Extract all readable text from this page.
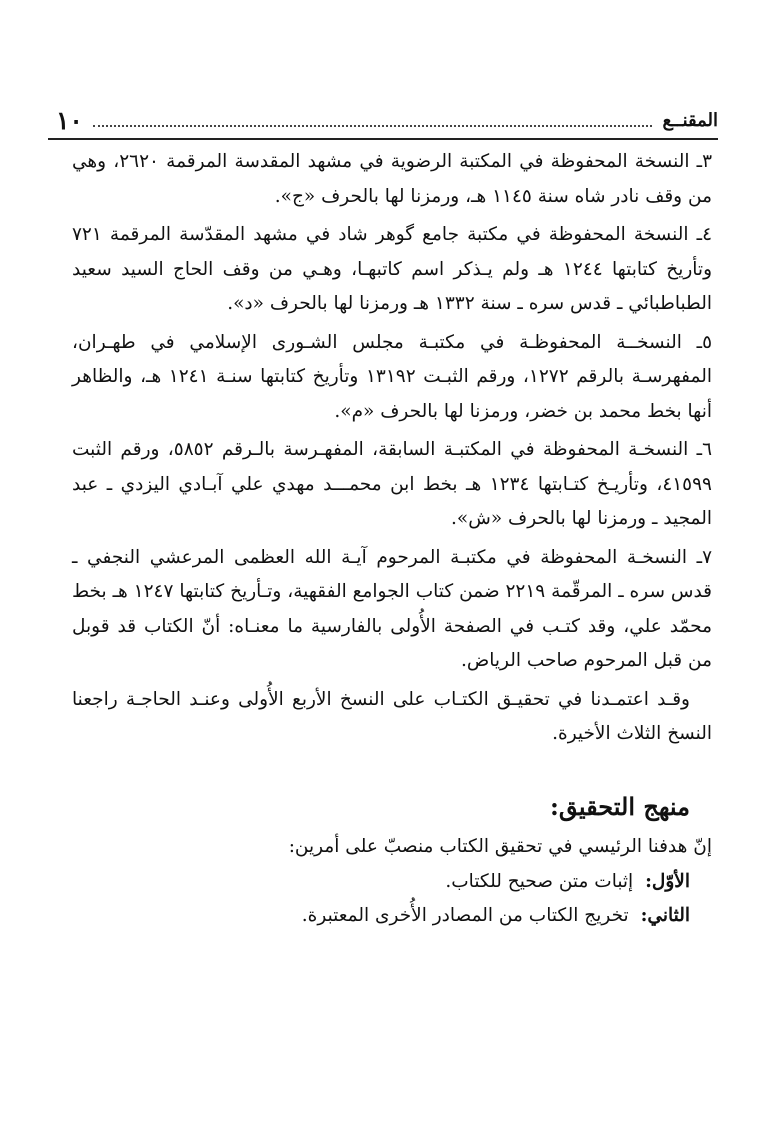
المقنــع
١٠

٣ـ النسخة المحفوظة في المكتبة الرضوية في مشهد المقدسة المرقمة ٢٦٢٠، وهي من وقف نادر شاه سنة ١١٤٥ هـ، ورمزنا لها بالحرف «ج».

٤ـ النسخة المحفوظة في مكتبة جامع گوهر شاد في مشهد المقدّسة المرقمة ٧٢١ وتأريخ كتابتها ١٢٤٤ هـ ولم يـذكر اسم كاتبهـا، وهـي من وقف الحاج السيد سعيد الطباطبائي ـ قدس سره ـ سنة ١٣٣٢ هـ ورمزنا لها بالحرف «د».

٥ـ النسخــة المحفوظـة في مكتبـة مجلس الشـورى الإسلامي في طهـران، المفهرسـة بالرقم ١٢٧٢، ورقم الثبـت ١٣١٩٢ وتأريخ كتابتها سنـة ١٢٤١ هـ، والظاهر أنها بخط محمد بن خضر، ورمزنا لها بالحرف «م».

٦ـ النسخـة المحفوظة في المكتبـة السابقة، المفهـرسة بالـرقم ٥٨٥٢، ورقم الثبت ٤١٥٩٩، وتأريـخ كتـابتها ١٢٣٤ هـ بخط ابن محمـــد مهدي علي آبـادي اليزدي ـ عبد المجيد ـ ورمزنا لها بالحرف «ش».

٧ـ النسخـة المحفوظة في مكتبـة المرحوم آيـة الله العظمى المرعشي النجفي ـ قدس سره ـ المرقّمة ٢٢١٩ ضمن كتاب الجوامع الفقهية، وتـأريخ كتابتها ١٢٤٧ هـ بخط محمّد علي، وقد كتـب في الصفحة الأُولى بالفارسية ما معنـاه: أنّ الكتاب قد قوبل من قبل المرحوم صاحب الرياض.

وقـد اعتمـدنا في تحقيـق الكتـاب على النسخ الأربع الأُولى وعنـد الحاجـة راجعنا النسخ الثلاث الأخيرة.

منهج التحقيق:

إنّ هدفنا الرئيسي في تحقيق الكتاب منصبّ على أمرين:

الأوّل: إثبات متن صحيح للكتاب.

الثاني: تخريج الكتاب من المصادر الأُخرى المعتبرة.
